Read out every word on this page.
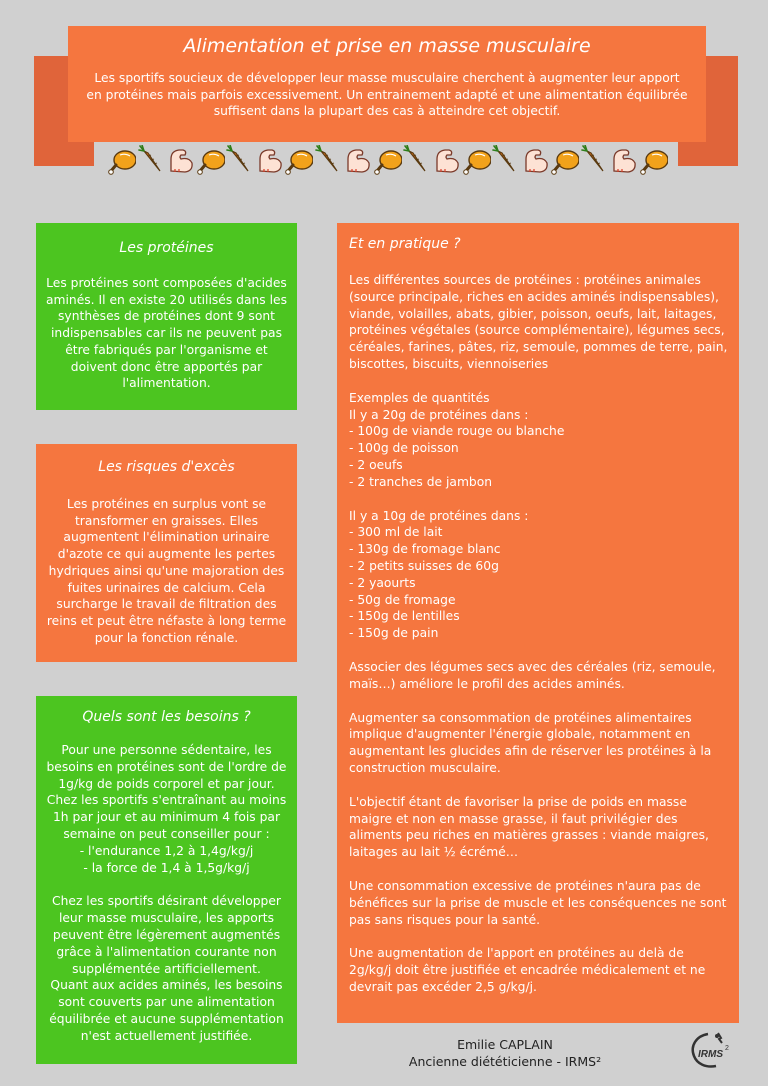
Alimentation et prise en masse musculaire

Les sportifs soucieux de développer leur masse musculaire cherchent à augmenter leur apport en protéines mais parfois excessivement. Un entrainement adapté et une alimentation équilibrée suffisent dans la plupart des cas à atteindre cet objectif.

Les protéines

Les protéines sont composées d'acides aminés. Il en existe 20 utilisés dans les synthèses de protéines dont 9 sont indispensables car ils ne peuvent pas être fabriqués par l'organisme et doivent donc être apportés par l'alimentation.

Les risques d'excès

Les protéines en surplus vont se transformer en graisses. Elles augmentent l'élimination urinaire d'azote ce qui augmente les pertes hydriques ainsi qu'une majoration des fuites urinaires de calcium. Cela surcharge le travail de filtration des reins et peut être néfaste à long terme pour la fonction rénale.

Quels sont les besoins ?
Pour une personne sédentaire, les
besoins en protéines sont de l'ordre de
1g/kg de poids corporel et par jour.
Chez les sportifs s'entraînant au moins
1h par jour et au minimum 4 fois par
semaine on peut conseiller pour :
- l'endurance 1,2 à 1,4g/kg/j
- la force de 1,4 à 1,5g/kg/j
Chez les sportifs désirant développer
leur masse musculaire, les apports
peuvent être légèrement augmentés
grâce à l'alimentation courante non
supplémentée artificiellement.
Quant aux acides aminés, les besoins
sont couverts par une alimentation
équilibrée et aucune supplémentation
n'est actuellement justifiée.
Et en pratique ?

Les différentes sources de protéines : protéines animales (source principale, riches en acides aminés indispensables), viande, volailles, abats, gibier, poisson, oeufs, lait, laitages, protéines végétales (source complémentaire), légumes secs, céréales, farines, pâtes, riz, semoule, pommes de terre, pain, biscottes, biscuits, viennoiseries

Exemples de quantités
Il y a 20g de protéines dans :
- 100g de viande rouge ou blanche
- 100g de poisson
- 2 oeufs
- 2 tranches de jambon
Il y a 10g de protéines dans :
- 300 ml de lait
- 130g de fromage blanc
- 2 petits suisses de 60g
- 2 yaourts
- 50g de fromage
- 150g de lentilles
- 150g de pain

Associer des légumes secs avec des céréales (riz, semoule, maïs…) améliore le profil des acides aminés.

Augmenter sa consommation de protéines alimentaires implique d'augmenter l'énergie globale, notamment en augmentant les glucides afin de réserver les protéines à la construction musculaire.

L'objectif étant de favoriser la prise de poids en masse maigre et non en masse grasse, il faut privilégier des aliments peu riches en matières grasses : viande maigres, laitages au lait ½ écrémé…

Une consommation excessive de protéines n'aura pas de bénéfices sur la prise de muscle et les conséquences ne sont pas sans risques pour la santé.

Une augmentation de l'apport en protéines au delà de 2g/kg/j doit être justifiée et encadrée médicalement et ne devrait pas excéder 2,5 g/kg/j.

Emilie CAPLAIN
Ancienne diététicienne - IRMS²	IRMS
2
